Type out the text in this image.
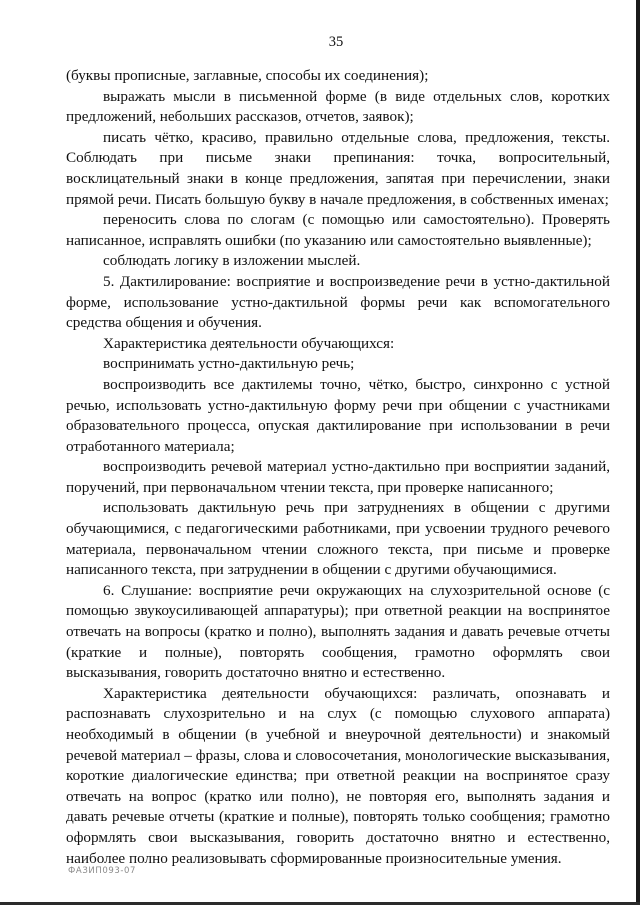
35

(буквы прописные, заглавные, способы их соединения);

выражать мысли в письменной форме (в виде отдельных слов, коротких предложений, небольших рассказов, отчетов, заявок);

писать чётко, красиво, правильно отдельные слова, предложения, тексты. Соблюдать при письме знаки препинания: точка, вопросительный, восклицательный знаки в конце предложения, запятая при перечислении, знаки прямой речи. Писать большую букву в начале предложения, в собственных именах;

переносить слова по слогам (с помощью или самостоятельно). Проверять написанное, исправлять ошибки (по указанию или самостоятельно выявленные);

соблюдать логику в изложении мыслей.

5. Дактилирование: восприятие и воспроизведение речи в устно-дактильной форме, использование устно-дактильной формы речи как вспомогательного средства общения и обучения.

Характеристика деятельности обучающихся:

воспринимать устно-дактильную речь;

воспроизводить все дактилемы точно, чётко, быстро, синхронно с устной речью, использовать устно-дактильную форму речи при общении с участниками образовательного процесса, опуская дактилирование при использовании в речи отработанного материала;

воспроизводить речевой материал устно-дактильно при восприятии заданий, поручений, при первоначальном чтении текста, при проверке написанного;

использовать дактильную речь при затруднениях в общении с другими обучающимися, с педагогическими работниками, при усвоении трудного речевого материала, первоначальном чтении сложного текста, при письме и проверке написанного текста, при затруднении в общении с другими обучающимися.

6. Слушание: восприятие речи окружающих на слухозрительной основе (с помощью звукоусиливающей аппаратуры); при ответной реакции на воспринятое отвечать на вопросы (кратко и полно), выполнять задания и давать речевые отчеты (краткие и полные), повторять сообщения, грамотно оформлять свои высказывания, говорить достаточно внятно и естественно.

Характеристика деятельности обучающихся: различать, опознавать и распознавать слухозрительно и на слух (с помощью слухового аппарата) необходимый в общении (в учебной и внеурочной деятельности) и знакомый речевой материал – фразы, слова и словосочетания, монологические высказывания, короткие диалогические единства; при ответной реакции на воспринятое сразу отвечать на вопрос (кратко или полно), не повторяя его, выполнять задания и давать речевые отчеты (краткие и полные), повторять только сообщения; грамотно оформлять свои высказывания, говорить достаточно внятно и естественно, наиболее полно реализовывать сформированные произносительные умения.

ФАЗИП093-07
